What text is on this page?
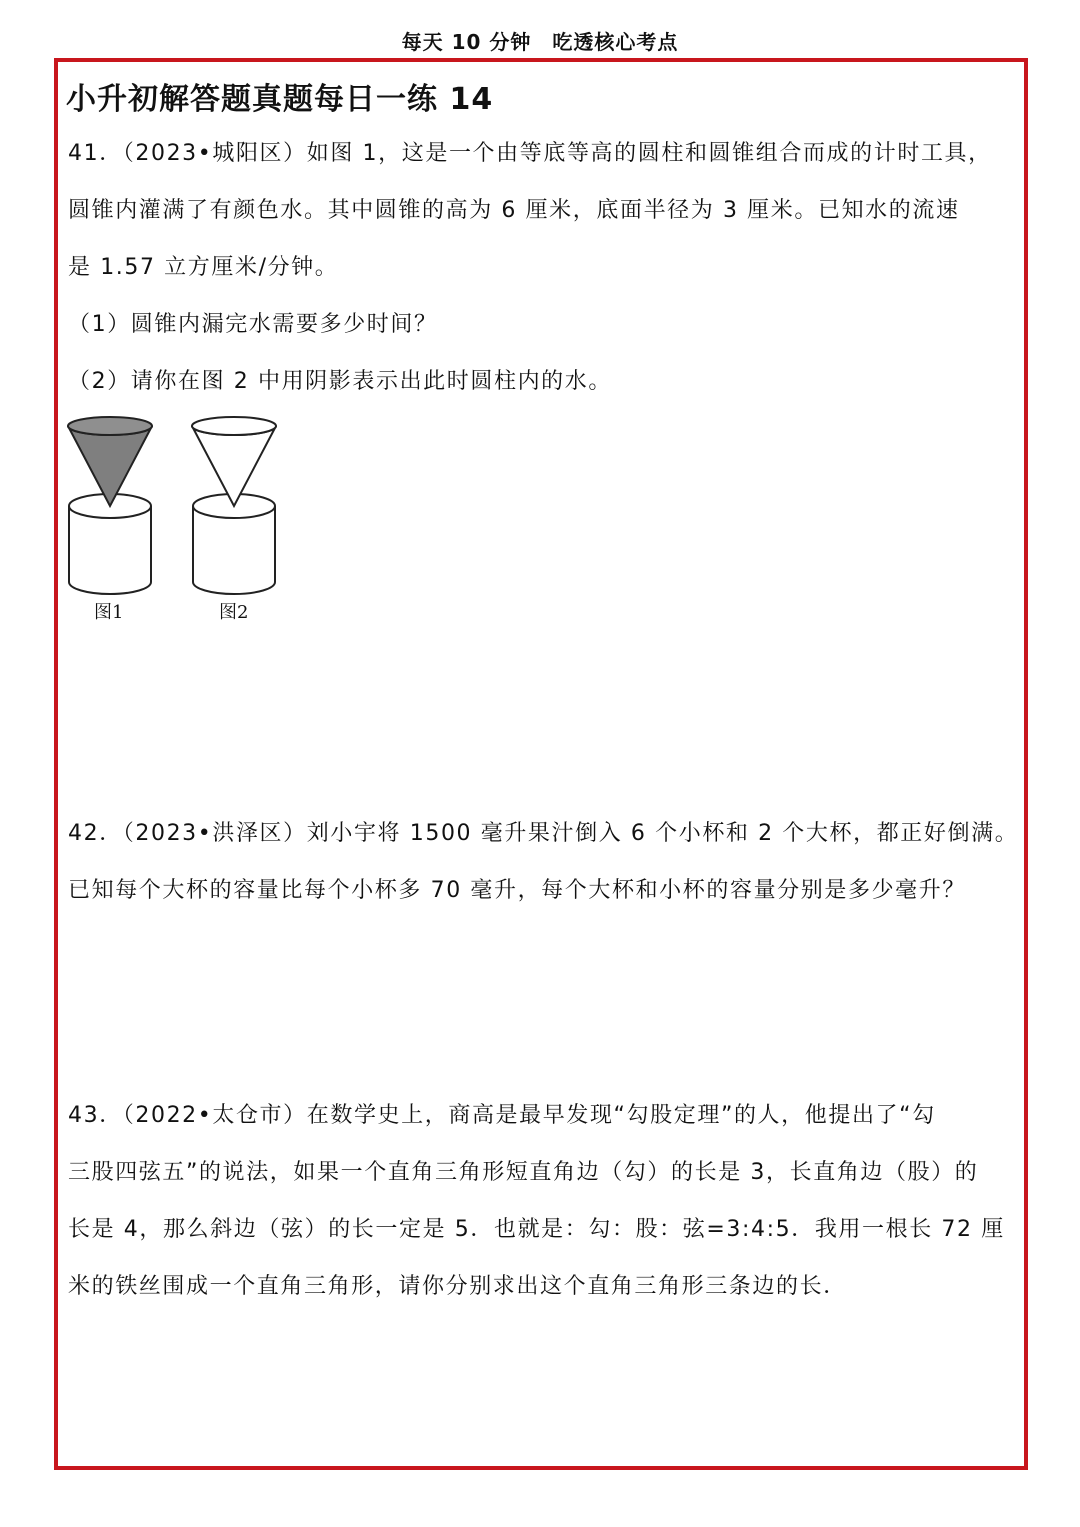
每天 10 分钟　吃透核心考点
小升初解答题真题每日一练 14
41．（2023•城阳区）如图 1，这是一个由等底等高的圆柱和圆锥组合而成的计时工具，
圆锥内灌满了有颜色水。其中圆锥的高为 6 厘米，底面半径为 3 厘米。已知水的流速
是 1.57 立方厘米/分钟。
（1）圆锥内漏完水需要多少时间？
（2）请你在图 2 中用阴影表示出此时圆柱内的水。
图1	图2
42．（2023•洪泽区）刘小宇将 1500 毫升果汁倒入 6 个小杯和 2 个大杯，都正好倒满。
已知每个大杯的容量比每个小杯多 70 毫升，每个大杯和小杯的容量分别是多少毫升？
43．（2022•太仓市）在数学史上，商高是最早发现“勾股定理”的人，他提出了“勾
三股四弦五”的说法，如果一个直角三角形短直角边（勾）的长是 3，长直角边（股）的
长是 4，那么斜边（弦）的长一定是 5．也就是：勾：股：弦=3:4:5．我用一根长 72 厘
米的铁丝围成一个直角三角形，请你分别求出这个直角三角形三条边的长．
